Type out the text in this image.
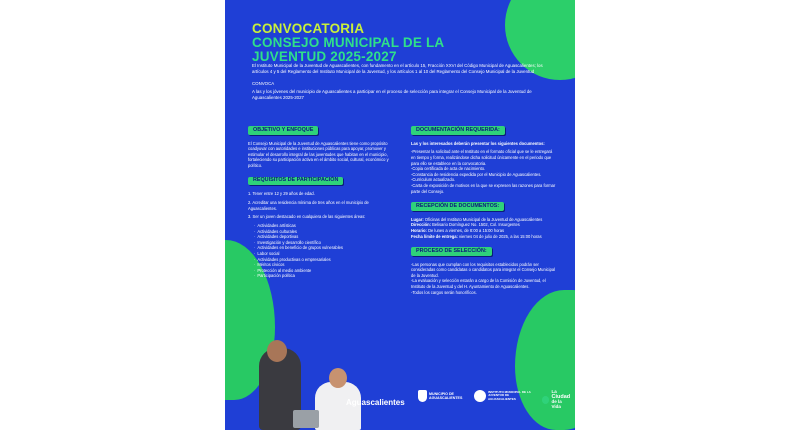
CONVOCATORIA
CONSEJO MUNICIPAL DE LA
JUVENTUD 2025-2027

El Instituto Municipal de la Juventud de Aguascalientes, con fundamento en el artículo 15, Fracción XXVI del Código Municipal de Aguascalientes; los artículos 4 y 5 del Reglamento del Instituto Municipal de la Juventud, y los artículos 1 al 10 del Reglamento del Consejo Municipal de la Juventud

CONVOCA

A las y los jóvenes del municipio de Aguascalientes a participar en el proceso de selección para integrar el Consejo Municipal de la Juventud de Aguascalientes 2025-2027

OBJETIVO Y ENFOQUE

El Consejo Municipal de la Juventud de Aguascalientes tiene como propósito coadyuvar con autoridades e instituciones públicas para apoyar, promover y estimular el desarrollo integral de las juventudes que habitan en el municipio, fortaleciendo su participación activa en el ámbito social, cultural, económico y político.

REQUISITOS DE PARTICIPACIÓN

1. Tener entre 12 y 29 años de edad.

2. Acreditar una residencia mínima de tres años en el municipio de Aguascalientes.

3. Ser un joven destacado en cualquiera de las siguientes áreas:

· Actividades artísticas
· Actividades culturales
· Actividades deportivas
· Investigación y desarrollo científico
· Actividades en beneficio de grupos vulnerables
· Labor social
· Actividades productivas o empresariales
· Méritos cívicos
· Protección al medio ambiente
· Participación política
DOCUMENTACIÓN REQUERIDA:

Las y los interesados deberán presentar los siguientes documentos:

-Presentar la solicitud ante el Instituto en el formato oficial que se le entregará en tiempo y forma, realizándose dicha solicitud únicamente en el periodo que para ello se establece en la convocatoria.

-Copia certificada de acta de nacimiento.

-Constancia de residencia expedida por el Municipio de Aguascalientes.

-Curriculum actualizado.

-Carta de exposición de motivos en la que se expresen las razones para formar parte del Consejo.

RECEPCIÓN DE DOCUMENTOS:

Lugar: Oficinas del Instituto Municipal de la Juventud de Aguascalientes

Dirección: Belisario Domínguez No. 1502, Col. Insurgentes

Horario: De lunes a viernes, de 8:00 a 15:00 horas

Fecha límite de entrega: viernes 04 de julio de 2025, a las 15:00 horas

PROCESO DE SELECCIÓN:

-Las personas que cumplan con los requisitos establecidos podrán ser consideradas como candidatas o candidatos para integrar el Consejo Municipal de la Juventud.

-La evaluación y selección estarán a cargo de la Comisión de Juventud, el Instituto de la Juventud y del H. Ayuntamiento de Aguascalientes.

-Todos los cargos serán honoríficos.

Aguascalientes
MUNICIPIO DE AGUASCALIENTES
INSTITUTO MUNICIPAL DE LA JUVENTUD DE AGUASCALIENTES
La
Ciudad
de la Vida
